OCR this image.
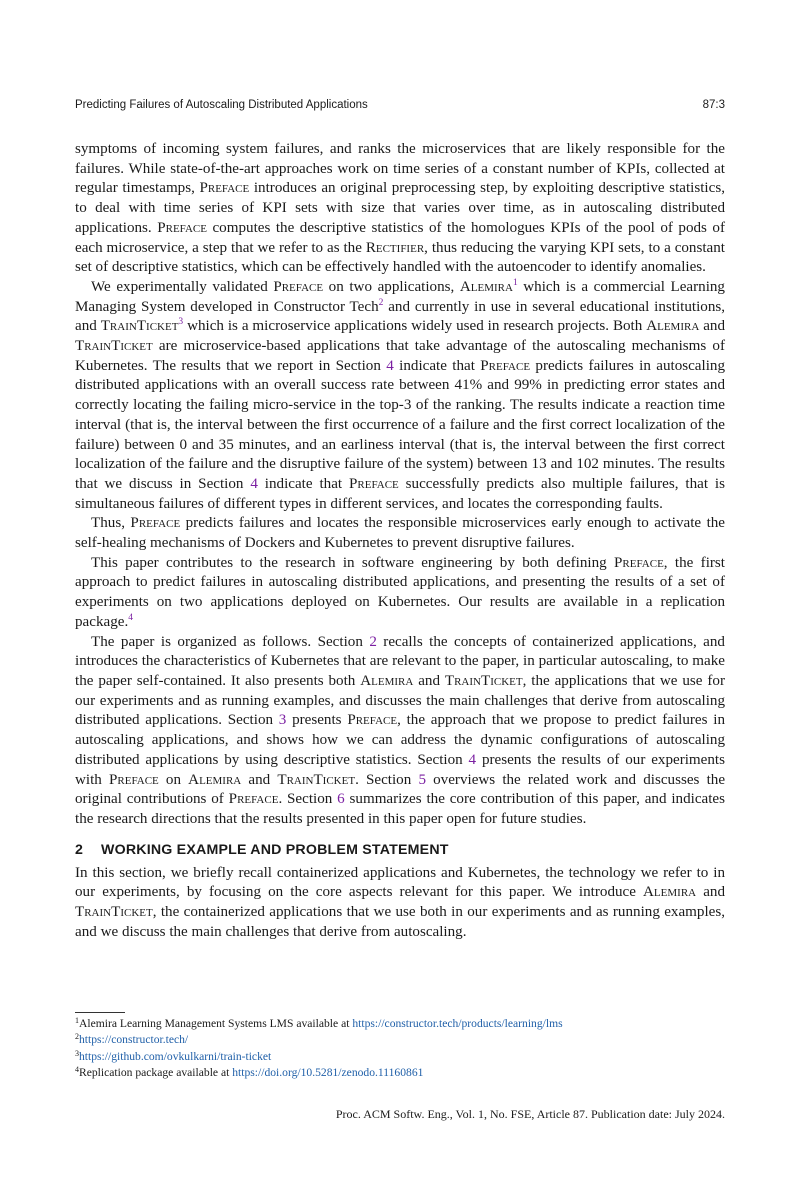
Predicting Failures of Autoscaling Distributed Applications	87:3

symptoms of incoming system failures, and ranks the microservices that are likely responsible for the failures. While state-of-the-art approaches work on time series of a constant number of KPIs, collected at regular timestamps, Preface introduces an original preprocessing step, by exploiting descriptive statistics, to deal with time series of KPI sets with size that varies over time, as in autoscaling distributed applications. Preface computes the descriptive statistics of the homologues KPIs of the pool of pods of each microservice, a step that we refer to as the Rectifier, thus reducing the varying KPI sets, to a constant set of descriptive statistics, which can be effectively handled with the autoencoder to identify anomalies.

We experimentally validated Preface on two applications, Alemira$^1$ which is a commercial Learning Managing System developed in Constructor Tech$^2$ and currently in use in several educational institutions, and TrainTicket$^3$ which is a microservice applications widely used in research projects. Both Alemira and TrainTicket are microservice-based applications that take advantage of the autoscaling mechanisms of Kubernetes. The results that we report in Section 4 indicate that Preface predicts failures in autoscaling distributed applications with an overall success rate between 41% and 99% in predicting error states and correctly locating the failing micro-service in the top-3 of the ranking. The results indicate a reaction time interval (that is, the interval between the first occurrence of a failure and the first correct localization of the failure) between 0 and 35 minutes, and an earliness interval (that is, the interval between the first correct localization of the failure and the disruptive failure of the system) between 13 and 102 minutes. The results that we discuss in Section 4 indicate that Preface successfully predicts also multiple failures, that is simultaneous failures of different types in different services, and locates the corresponding faults.

Thus, Preface predicts failures and locates the responsible microservices early enough to activate the self-healing mechanisms of Dockers and Kubernetes to prevent disruptive failures.

This paper contributes to the research in software engineering by both defining Preface, the first approach to predict failures in autoscaling distributed applications, and presenting the results of a set of experiments on two applications deployed on Kubernetes. Our results are available in a replication package.$^4$

The paper is organized as follows. Section 2 recalls the concepts of containerized applications, and introduces the characteristics of Kubernetes that are relevant to the paper, in particular autoscaling, to make the paper self-contained. It also presents both Alemira and TrainTicket, the applications that we use for our experiments and as running examples, and discusses the main challenges that derive from autoscaling distributed applications. Section 3 presents Preface, the approach that we propose to predict failures in autoscaling applications, and shows how we can address the dynamic configurations of autoscaling distributed applications by using descriptive statistics. Section 4 presents the results of our experiments with Preface on Alemira and TrainTicket. Section 5 overviews the related work and discusses the original contributions of Preface. Section 6 summarizes the core contribution of this paper, and indicates the research directions that the results presented in this paper open for future studies.

2 WORKING EXAMPLE AND PROBLEM STATEMENT

In this section, we briefly recall containerized applications and Kubernetes, the technology we refer to in our experiments, by focusing on the core aspects relevant for this paper. We introduce Alemira and TrainTicket, the containerized applications that we use both in our experiments and as running examples, and we discuss the main challenges that derive from autoscaling.

$^1$Alemira Learning Management Systems LMS available at https://constructor.tech/products/learning/lms
$^2$https://constructor.tech/
$^3$https://github.com/ovkulkarni/train-ticket
$^4$Replication package available at https://doi.org/10.5281/zenodo.11160861
Proc. ACM Softw. Eng., Vol. 1, No. FSE, Article 87. Publication date: July 2024.
